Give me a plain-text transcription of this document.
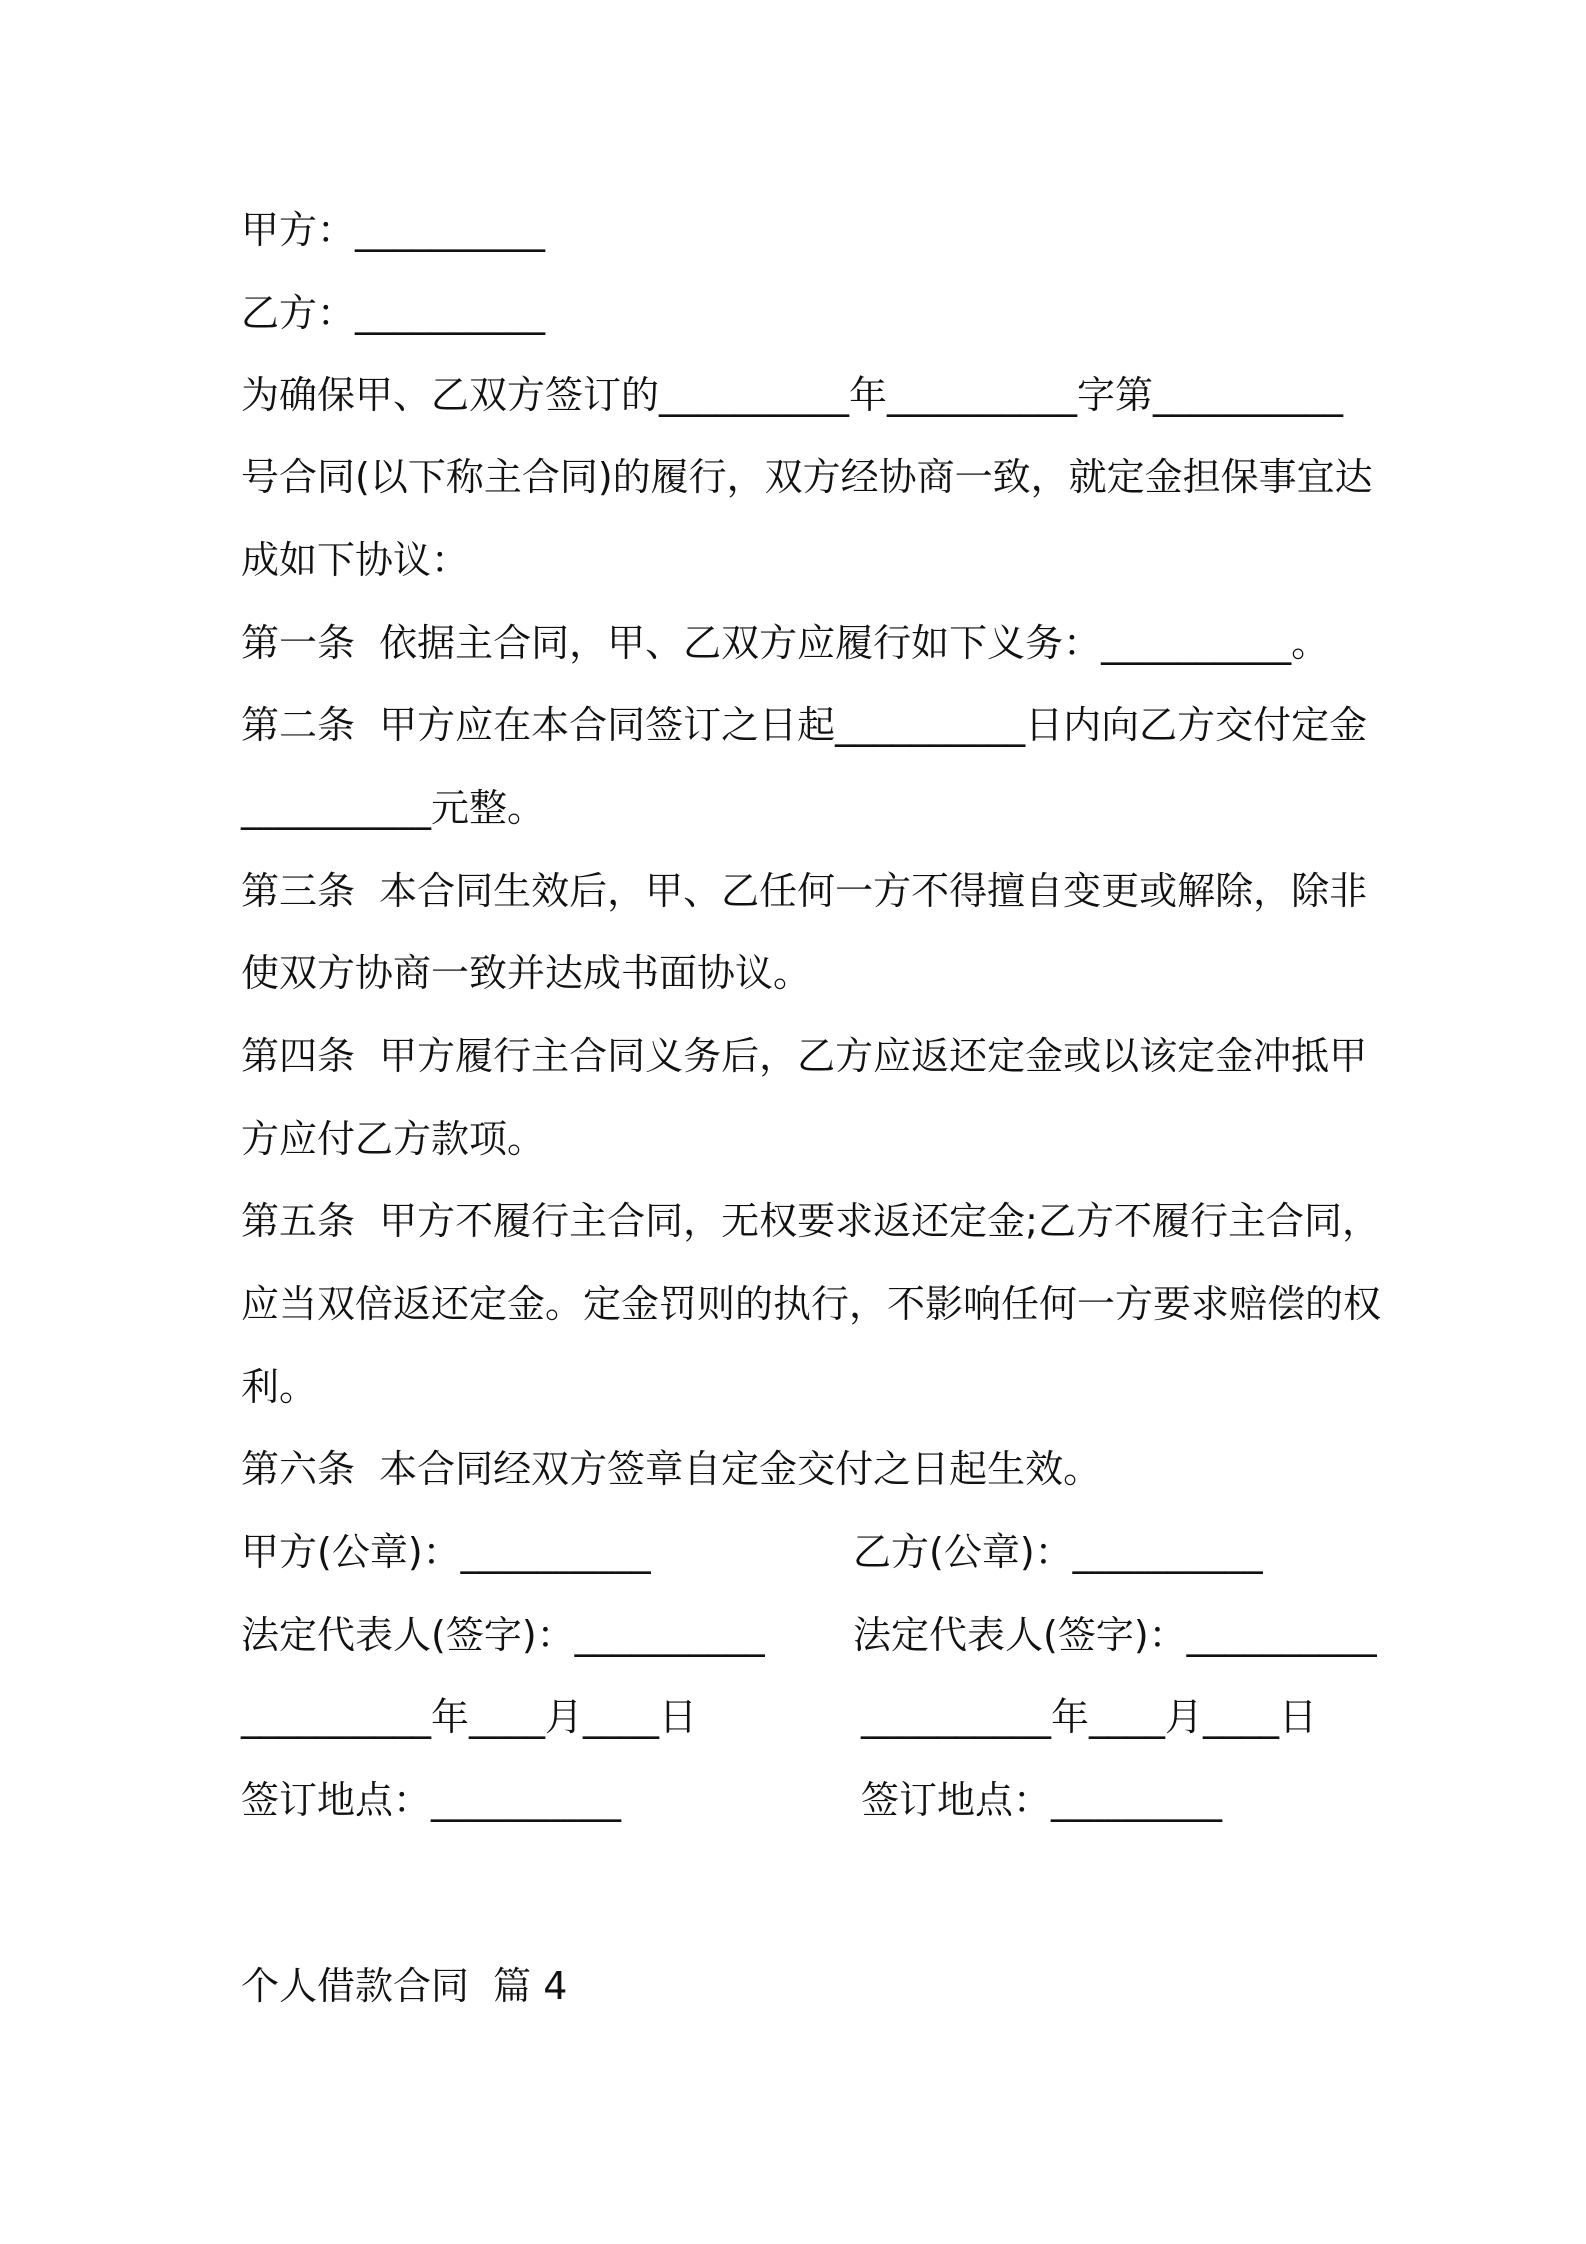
甲方：__________
乙方：__________
为确保甲、乙双方签订的__________年__________字第__________
号合同(以下称主合同)的履行，双方经协商一致，就定金担保事宜达
成如下协议：
第一条  依据主合同，甲、乙双方应履行如下义务：__________。
第二条  甲方应在本合同签订之日起__________日内向乙方交付定金
__________元整。
第三条  本合同生效后，甲、乙任何一方不得擅自变更或解除，除非
使双方协商一致并达成书面协议。
第四条  甲方履行主合同义务后，乙方应返还定金或以该定金冲抵甲
方应付乙方款项。
第五条  甲方不履行主合同，无权要求返还定金;乙方不履行主合同，
应当双倍返还定金。定金罚则的执行，不影响任何一方要求赔偿的权
利。
第六条  本合同经双方签章自定金交付之日起生效。
甲方(公章)：__________	乙方(公章)：__________
法定代表人(签字)：__________ 法定代表人(签字)：__________
__________年____月____日	__________年____月____日
签订地点：__________	签订地点：_________
个人借款合同  篇 4
